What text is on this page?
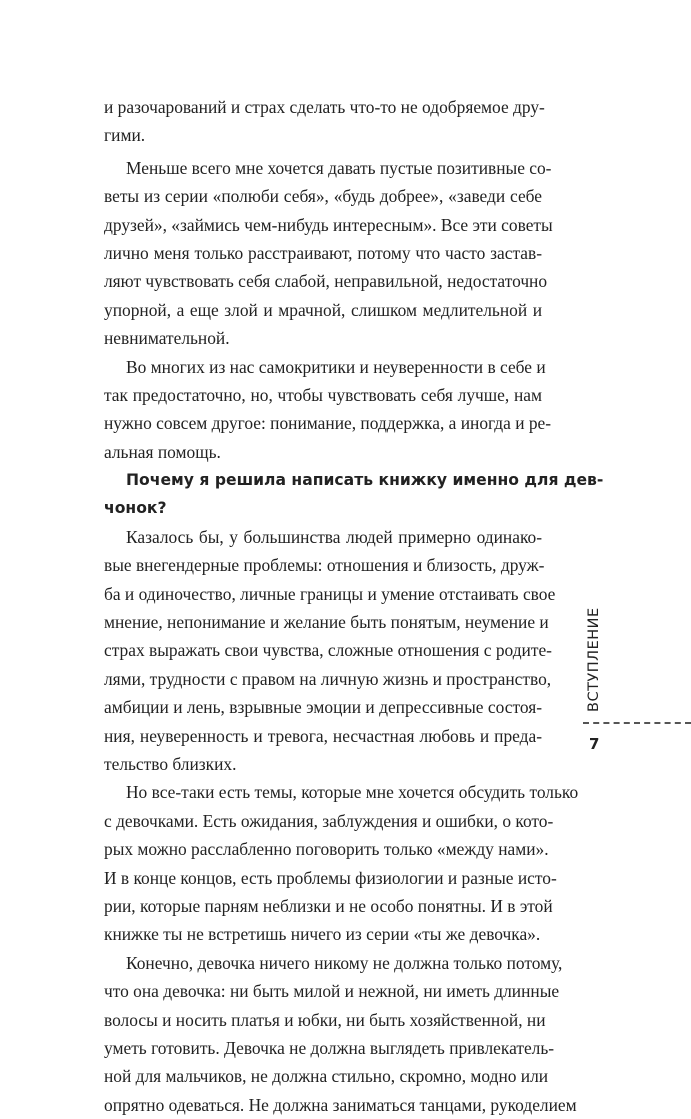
и разочарований и страх сделать что-то не одобряемое дру-
гими.
Меньше всего мне хочется давать пустые позитивные со-
веты из серии «полюби себя», «будь добрее», «заведи себе
друзей», «займись чем-нибудь интересным». Все эти советы
лично меня только расстраивают, потому что часто застав-
ляют чувствовать себя слабой, неправильной, недостаточно
упорной, а еще злой и мрачной, слишком медлительной и
невнимательной.
Во многих из нас самокритики и неуверенности в себе и
так предостаточно, но, чтобы чувствовать себя лучше, нам
нужно совсем другое: понимание, поддержка, а иногда и ре-
альная помощь.
Почему я решила написать книжку именно для дев-
чонок?
Казалось бы, у большинства людей примерно одинако-
вые внегендерные проблемы: отношения и близость, друж-
ба и одиночество, личные границы и умение отстаивать свое
мнение, непонимание и желание быть понятым, неумение и
страх выражать свои чувства, сложные отношения с родите-
лями, трудности с правом на личную жизнь и пространство,
амбиции и лень, взрывные эмоции и депрессивные состоя-
ния, неуверенность и тревога, несчастная любовь и преда-
тельство близких.
Но все-таки есть темы, которые мне хочется обсудить только
с девочками. Есть ожидания, заблуждения и ошибки, о кото-
рых можно расслабленно поговорить только «между нами».
И в конце концов, есть проблемы физиологии и разные исто-
рии, которые парням неблизки и не особо понятны. И в этой
книжке ты не встретишь ничего из серии «ты же девочка».
Конечно, девочка ничего никому не должна только потому,
что она девочка: ни быть милой и нежной, ни иметь длинные
волосы и носить платья и юбки, ни быть хозяйственной, ни
уметь готовить. Девочка не должна выглядеть привлекатель-
ной для мальчиков, не должна стильно, скромно, модно или
опрятно одеваться. Не должна заниматься танцами, рукоделием
ВСТУПЛЕНИЕ
7
